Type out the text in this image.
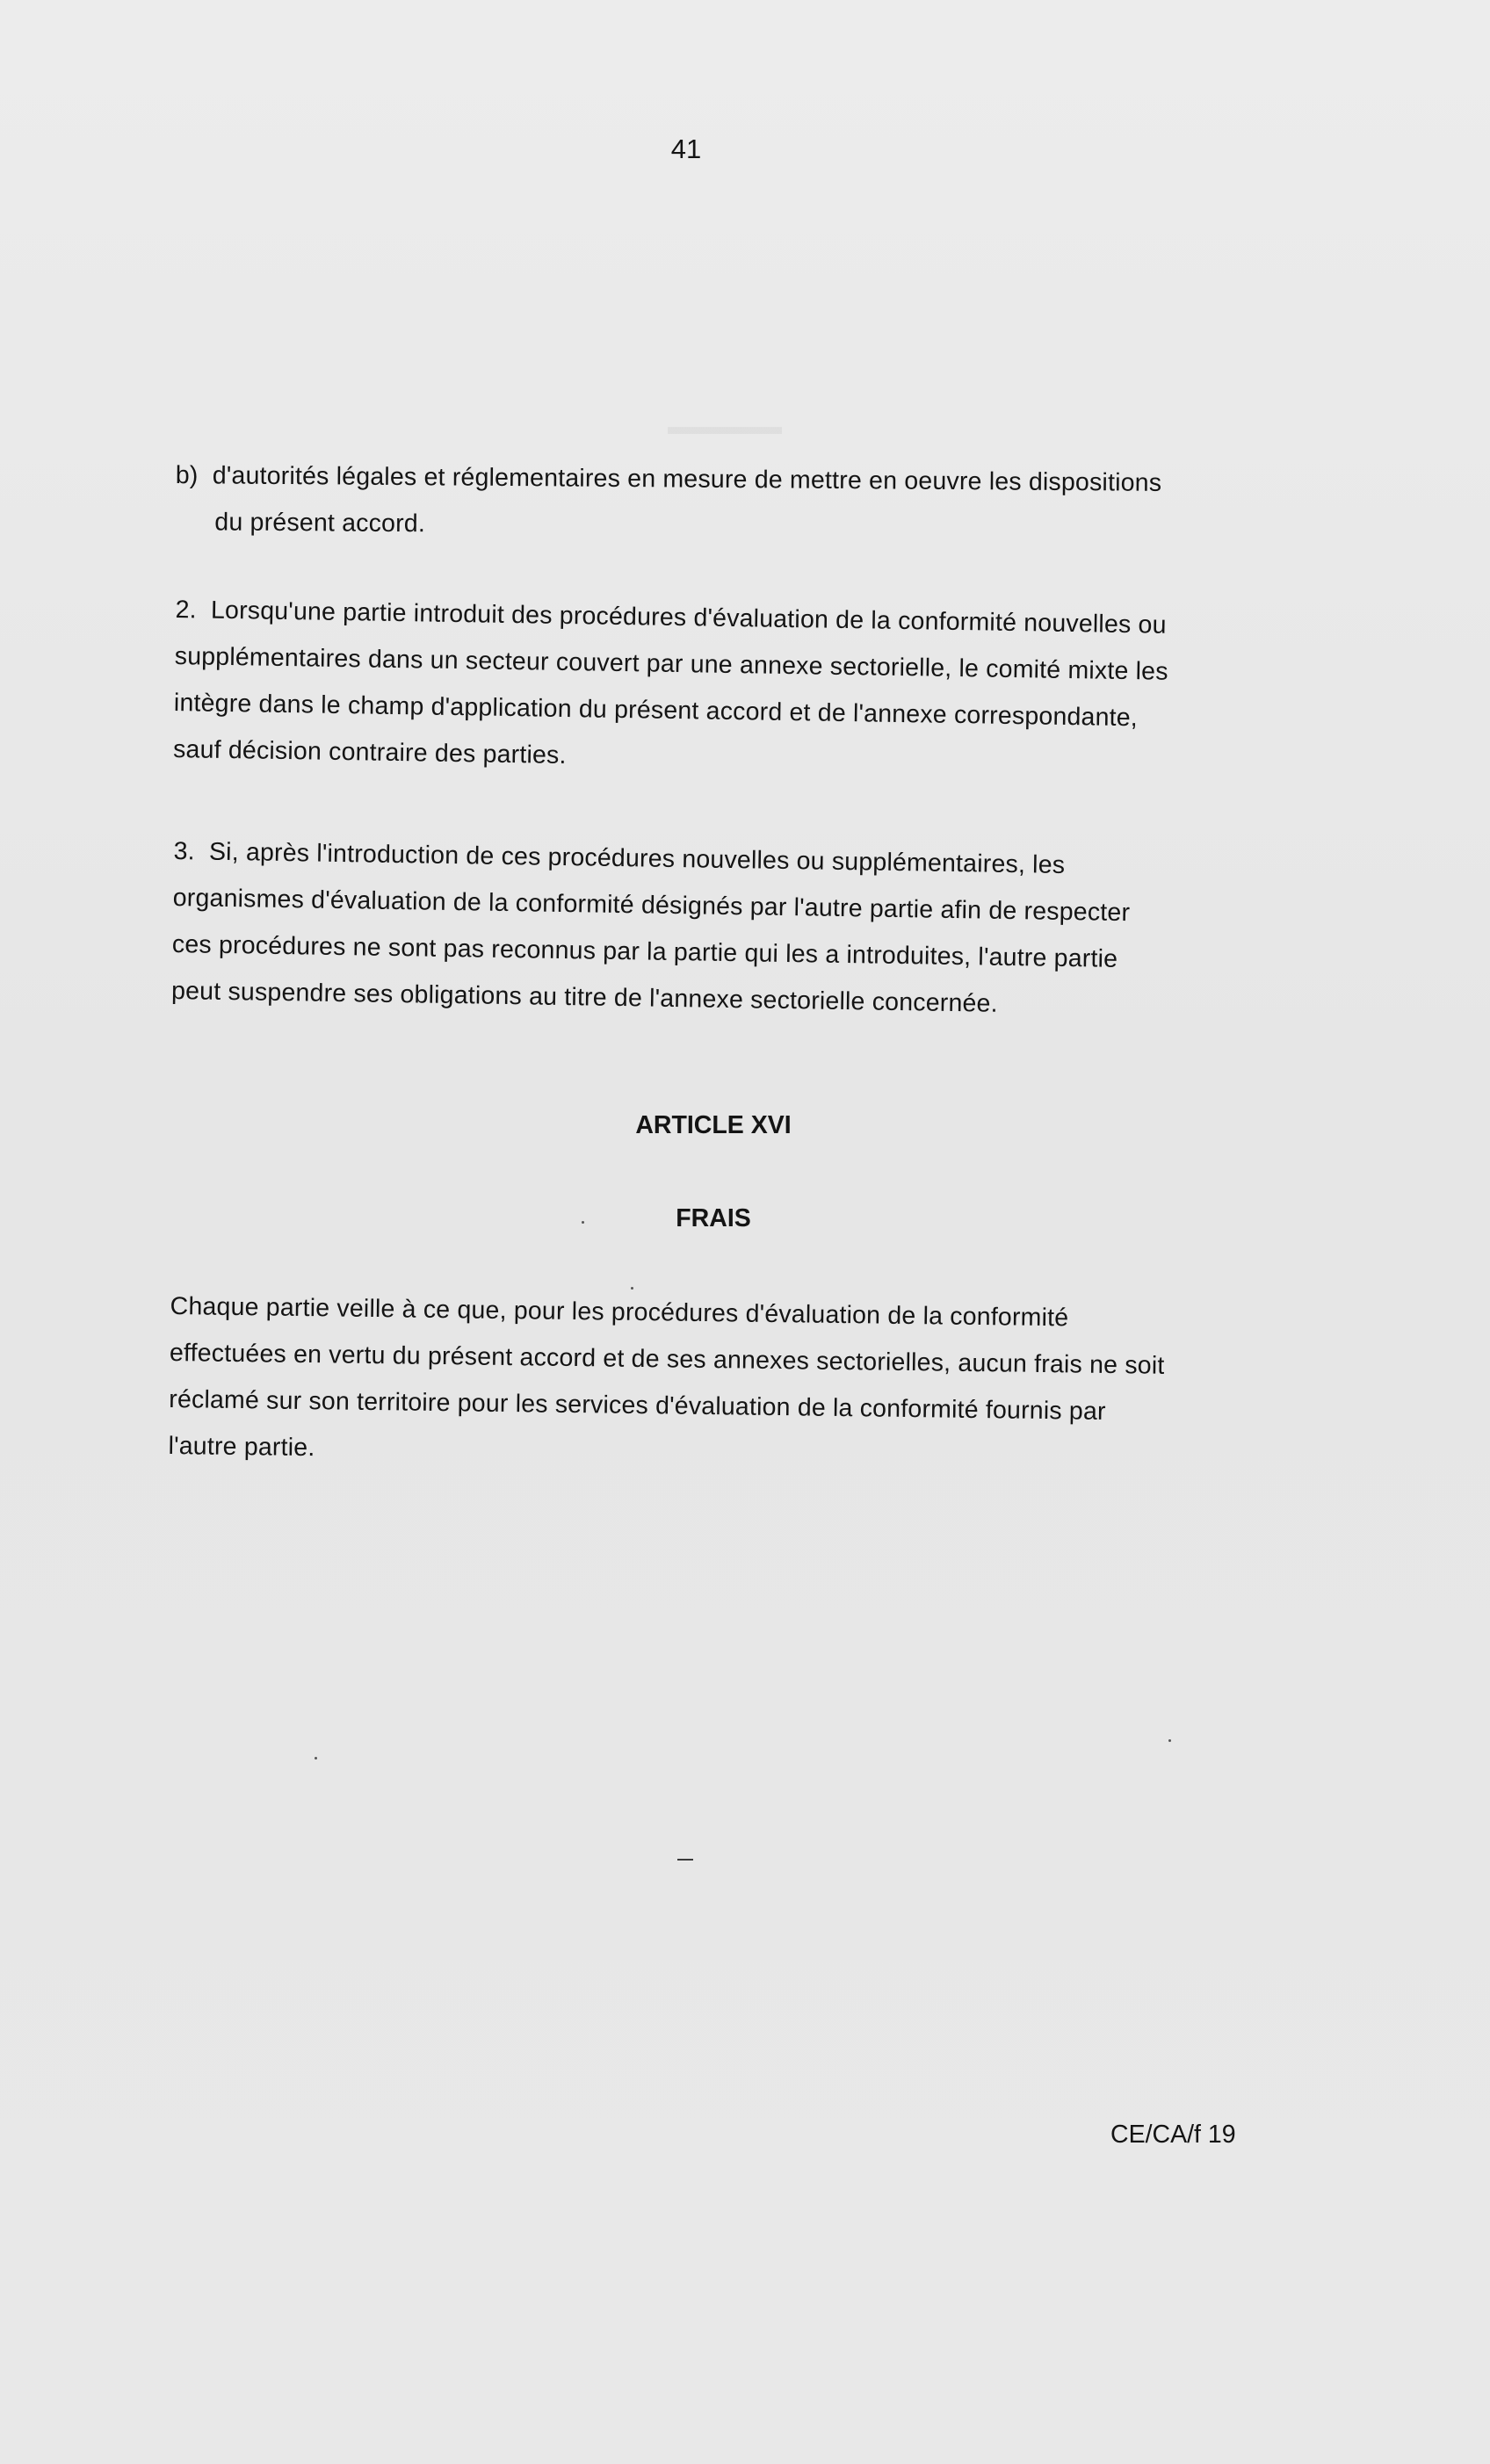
41

b)  d'autorités légales et réglementaires en mesure de mettre en oeuvre les dispositions

du présent accord.

2.  Lorsqu'une partie introduit des procédures d'évaluation de la conformité nouvelles ou

supplémentaires dans un secteur couvert par une annexe sectorielle, le comité mixte les

intègre dans le champ d'application du présent accord et de l'annexe correspondante,

sauf décision contraire des parties.

3.  Si, après l'introduction de ces procédures nouvelles ou supplémentaires, les

organismes d'évaluation de la conformité désignés par l'autre partie afin de respecter

ces procédures ne sont pas reconnus par la partie qui les a introduites, l'autre partie

peut suspendre ses obligations au titre de l'annexe sectorielle concernée.

ARTICLE XVI
FRAIS

Chaque partie veille à ce que, pour les procédures d'évaluation de la conformité

effectuées en vertu du présent accord et de ses annexes sectorielles, aucun frais ne soit

réclamé sur son territoire pour les services d'évaluation de la conformité fournis par

l'autre partie.

CE/CA/f 19
